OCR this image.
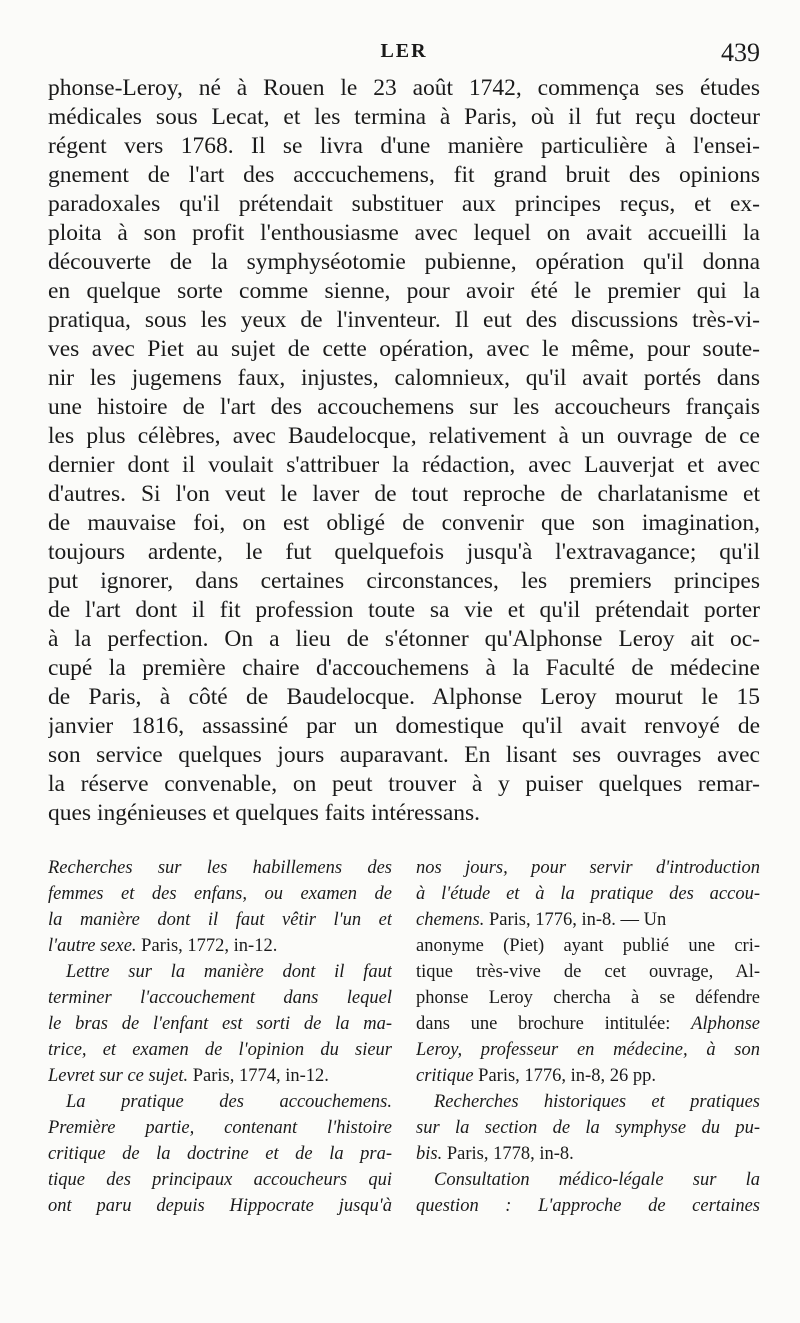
LER	439
phonse-Leroy, né à Rouen le 23 août 1742, commença ses études
médicales sous Lecat, et les termina à Paris, où il fut reçu docteur
régent vers 1768. Il se livra d'une manière particulière à l'ensei-
gnement de l'art des acccuchemens, fit grand bruit des opinions
paradoxales qu'il prétendait substituer aux principes reçus, et ex-
ploita à son profit l'enthousiasme avec lequel on avait accueilli la
découverte de la symphyséotomie pubienne, opération qu'il donna
en quelque sorte comme sienne, pour avoir été le premier qui la
pratiqua, sous les yeux de l'inventeur. Il eut des discussions très-vi-
ves avec Piet au sujet de cette opération, avec le même, pour soute-
nir les jugemens faux, injustes, calomnieux, qu'il avait portés dans
une histoire de l'art des accouchemens sur les accoucheurs français
les plus célèbres, avec Baudelocque, relativement à un ouvrage de ce
dernier dont il voulait s'attribuer la rédaction, avec Lauverjat et avec
d'autres. Si l'on veut le laver de tout reproche de charlatanisme et
de mauvaise foi, on est obligé de convenir que son imagination,
toujours ardente, le fut quelquefois jusqu'à l'extravagance; qu'il
put ignorer, dans certaines circonstances, les premiers principes
de l'art dont il fit profession toute sa vie et qu'il prétendait porter
à la perfection. On a lieu de s'étonner qu'Alphonse Leroy ait oc-
cupé la première chaire d'accouchemens à la Faculté de médecine
de Paris, à côté de Baudelocque. Alphonse Leroy mourut le 15
janvier 1816, assassiné par un domestique qu'il avait renvoyé de
son service quelques jours auparavant. En lisant ses ouvrages avec
la réserve convenable, on peut trouver à y puiser quelques remar-
ques ingénieuses et quelques faits intéressans.
Recherches sur les habillemens des
femmes et des enfans, ou examen de
la manière dont il faut vêtir l'un et
l'autre sexe. Paris, 1772, in-12.
Lettre sur la manière dont il faut
terminer l'accouchement dans lequel
le bras de l'enfant est sorti de la ma-
trice, et examen de l'opinion du sieur
Levret sur ce sujet. Paris, 1774, in-12.
La pratique des accouchemens.
Première partie, contenant l'histoire
critique de la doctrine et de la pra-
tique des principaux accoucheurs qui
ont paru depuis Hippocrate jusqu'à
nos jours, pour servir d'introduction
à l'étude et à la pratique des accou-
chemens. Paris, 1776, in-8. — Un
anonyme (Piet) ayant publié une cri-
tique très-vive de cet ouvrage, Al-
phonse Leroy chercha à se défendre
dans une brochure intitulée: Alphonse
Leroy, professeur en médecine, à son
critique Paris, 1776, in-8, 26 pp.
Recherches historiques et pratiques
sur la section de la symphyse du pu-
bis. Paris, 1778, in-8.
Consultation médico-légale sur la
question : L'approche de certaines
